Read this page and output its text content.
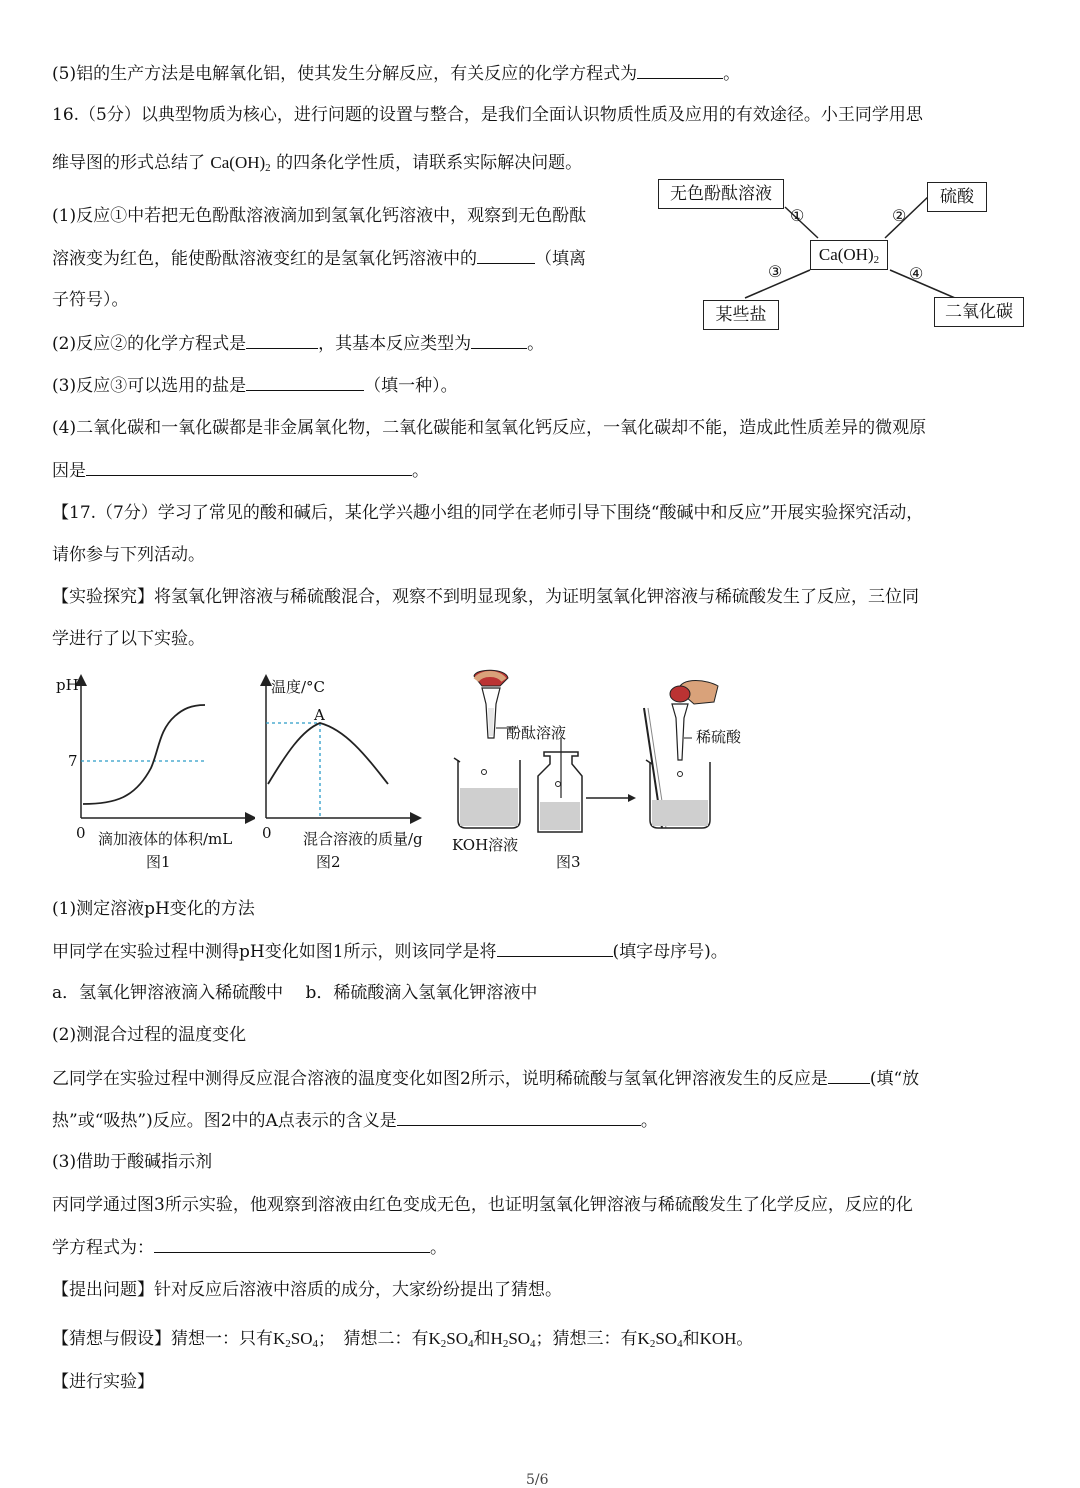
(5)铝的生产方法是电解氧化铝，使其发生分解反应，有关反应的化学方程式为	。
16.（5分）以典型物质为核心，进行问题的设置与整合，是我们全面认识物质性质及应用的有效途径。小王同学用思
维导图的形式总结了 $Ca(OH)_2$ 的四条化学性质，请联系实际解决问题。
(1)反应①中若把无色酚酞溶液滴加到氢氧化钙溶液中，观察到无色酚酞
溶液变为红色，能使酚酞溶液变红的是氢氧化钙溶液中的	（填离
子符号）。
(2)反应②的化学方程式是	，其基本反应类型为	。
(3)反应③可以选用的盐是	（填一种）。
(4)二氧化碳和一氧化碳都是非金属氧化物，二氧化碳能和氢氧化钙反应，一氧化碳却不能，造成此性质差异的微观原
因是	。
无色酚酞溶液	硫酸
$Ca(OH)_2$
某些盐	二氧化碳
①	②
③	④
【17.（7分）学习了常见的酸和碱后，某化学兴趣小组的同学在老师引导下围绕“酸碱中和反应”开展实验探究活动，
请你参与下列活动。
【实验探究】将氢氧化钾溶液与稀硫酸混合，观察不到明显现象，为证明氢氧化钾溶液与稀硫酸发生了反应，三位同
学进行了以下实验。
pH
7
0 滴加液体的体积/mL
图1
温度/°C
A
0 混合溶液的质量/g
图2
酚酞溶液	稀硫酸
KOH溶液
图3
(1)测定溶液pH变化的方法
甲同学在实验过程中测得pH变化如图1所示，则该同学是将	(填字母序号)。
a．氢氧化钾溶液滴入稀硫酸中　 b．稀硫酸滴入氢氧化钾溶液中
(2)测混合过程的温度变化
乙同学在实验过程中测得反应混合溶液的温度变化如图2所示，说明稀硫酸与氢氧化钾溶液发生的反应是 (填“放
热”或“吸热”)反应。图2中的A点表示的含义是	。
(3)借助于酸碱指示剂
丙同学通过图3所示实验，他观察到溶液由红色变成无色，也证明氢氧化钾溶液与稀硫酸发生了化学反应，反应的化
学方程式为：	。
【提出问题】针对反应后溶液中溶质的成分，大家纷纷提出了猜想。
【猜想与假设】猜想一：只有$K_2SO_4$；　猜想二：有$K_2SO_4$和$H_2SO_4$；猜想三：有$K_2SO_4$和KOH。
【进行实验】
5/6
